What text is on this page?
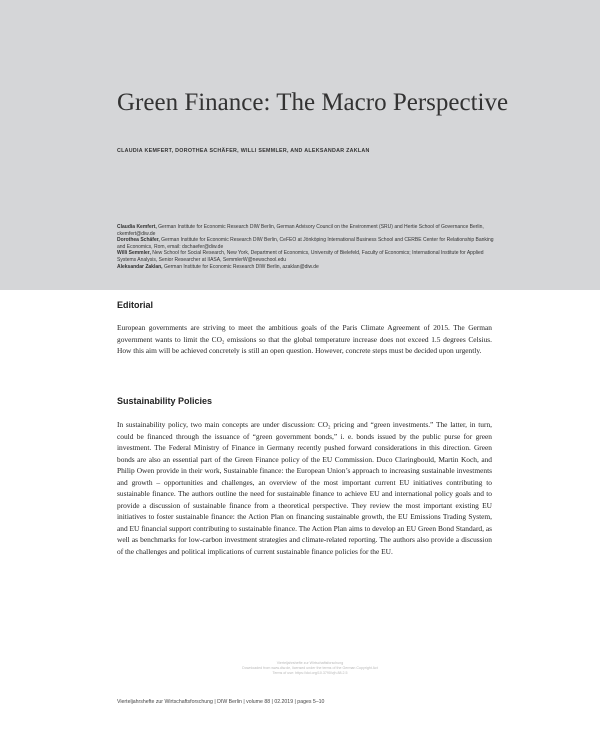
Green Finance: The Macro Perspective
CLAUDIA KEMFERT, DOROTHEA SCHÄFER, WILLI SEMMLER, AND ALEKSANDAR ZAKLAN

Claudia Kemfert, German Institute for Economic Research DIW Berlin, German Advisory Council on the Environment (SRU) and Hertie School of Governance Berlin, ckemfert@diw.de

Dorothea Schäfer, German Institute for Economic Research DIW Berlin, CeFEO at Jönköping International Business School and CERBE Center for Relationship Banking and Economics, Rom, email: dschaefer@diw.de

Willi Semmler, New School for Social Research, New York, Department of Economics, University of Bielefeld, Faculty of Economics; International Institute for Applied Systems Analysis, Senior Researcher at IIASA, SemmlerW@newschool.edu

Aleksandar Zaklan, German Institute for Economic Research DIW Berlin, azaklan@diw.de

Editorial

European governments are striving to meet the ambitious goals of the Paris Climate Agreement of 2015. The German government wants to limit the CO₂ emissions so that the global temperature increase does not exceed 1.5 degrees Celsius. How this aim will be achieved concretely is still an open question. However, concrete steps must be decided upon urgently.

Sustainability Policies

In sustainability policy, two main concepts are under discussion: CO₂ pricing and “green investments.” The latter, in turn, could be financed through the issuance of “green government bonds,” i. e. bonds issued by the public purse for green investment. The Federal Ministry of Finance in Germany recently pushed forward considerations in this direction. Green bonds are also an essential part of the Green Finance policy of the EU Commission. Duco Claringbould, Martin Koch, and Philip Owen provide in their work, Sustainable finance: the European Union’s approach to increasing sustainable investments and growth – opportunities and challenges, an overview of the most important current EU initiatives contributing to sustainable finance. The authors outline the need for sustainable finance to achieve EU and international policy goals and to provide a discussion of sustainable finance from a theoretical perspective. They review the most important existing EU initiatives to foster sustainable finance: the Action Plan on financing sustainable growth, the EU Emissions Trading System, and EU financial support contributing to sustainable finance. The Action Plan aims to develop an EU Green Bond Standard, as well as benchmarks for low-carbon investment strategies and climate-related reporting. The authors also provide a discussion of the challenges and political implications of current sustainable finance policies for the EU.

Vierteljahrshefte zur Wirtschaftsforschung
Downloaded from www.diw.de, licensed under the terms of the German Copyright Act
Terms of use: https://doi.org/10.3790/vjh.88.2.5
Vierteljahrshefte zur Wirtschaftsforschung | DIW Berlin | volume 88 | 02.2019 | pages 5–10
